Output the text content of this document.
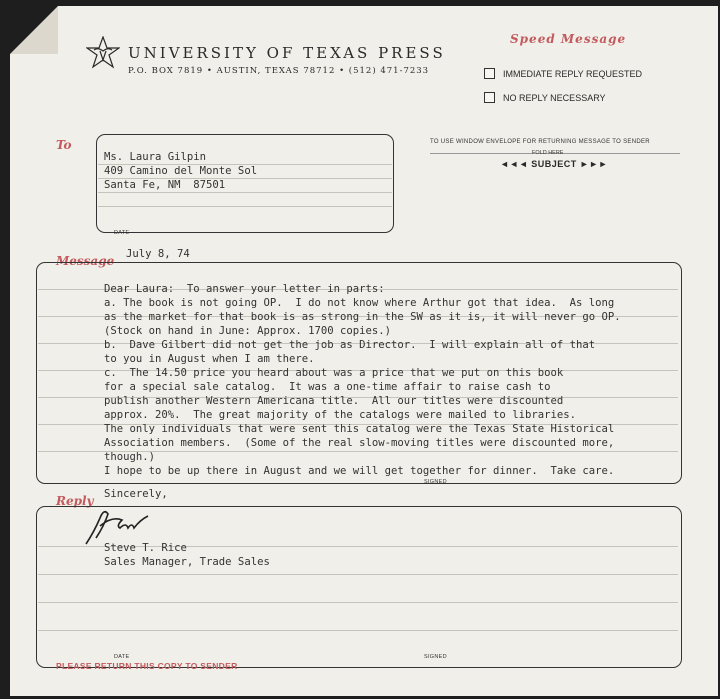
UNIVERSITY OF TEXAS PRESS
P.O. BOX 7819 • AUSTIN, TEXAS 78712 • (512) 471-7233
Speed Message
IMMEDIATE REPLY REQUESTED
NO REPLY NECESSARY
To
Ms. Laura Gilpin
409 Camino del Monte Sol
Santa Fe, NM  87501
DATE
TO USE WINDOW ENVELOPE FOR RETURNING MESSAGE TO SENDER
FOLD HERE
◄◄◄ SUBJECT ►►►
Message July 8, 74
Dear Laura:  To answer your letter in parts:
a. The book is not going OP.  I do not know where Arthur got that idea.  As long
as the market for that book is as strong in the SW as it is, it will never go OP.
(Stock on hand in June: Approx. 1700 copies.)
b.  Dave Gilbert did not get the job as Director.  I will explain all of that
to you in August when I am there.
c.  The 14.50 price you heard about was a price that we put on this book
for a special sale catalog.  It was a one-time affair to raise cash to
publish another Western Americana title.  All our titles were discounted
approx. 20%.  The great majority of the catalogs were mailed to libraries.
The only individuals that were sent this catalog were the Texas State Historical
Association members.  (Some of the real slow-moving titles were discounted more,
though.)
I hope to be up there in August and we will get together for dinner.  Take care.
SIGNED
Reply Sincerely,
Steve T. Rice
Sales Manager, Trade Sales
DATE	SIGNED
PLEASE RETURN THIS COPY TO SENDER
